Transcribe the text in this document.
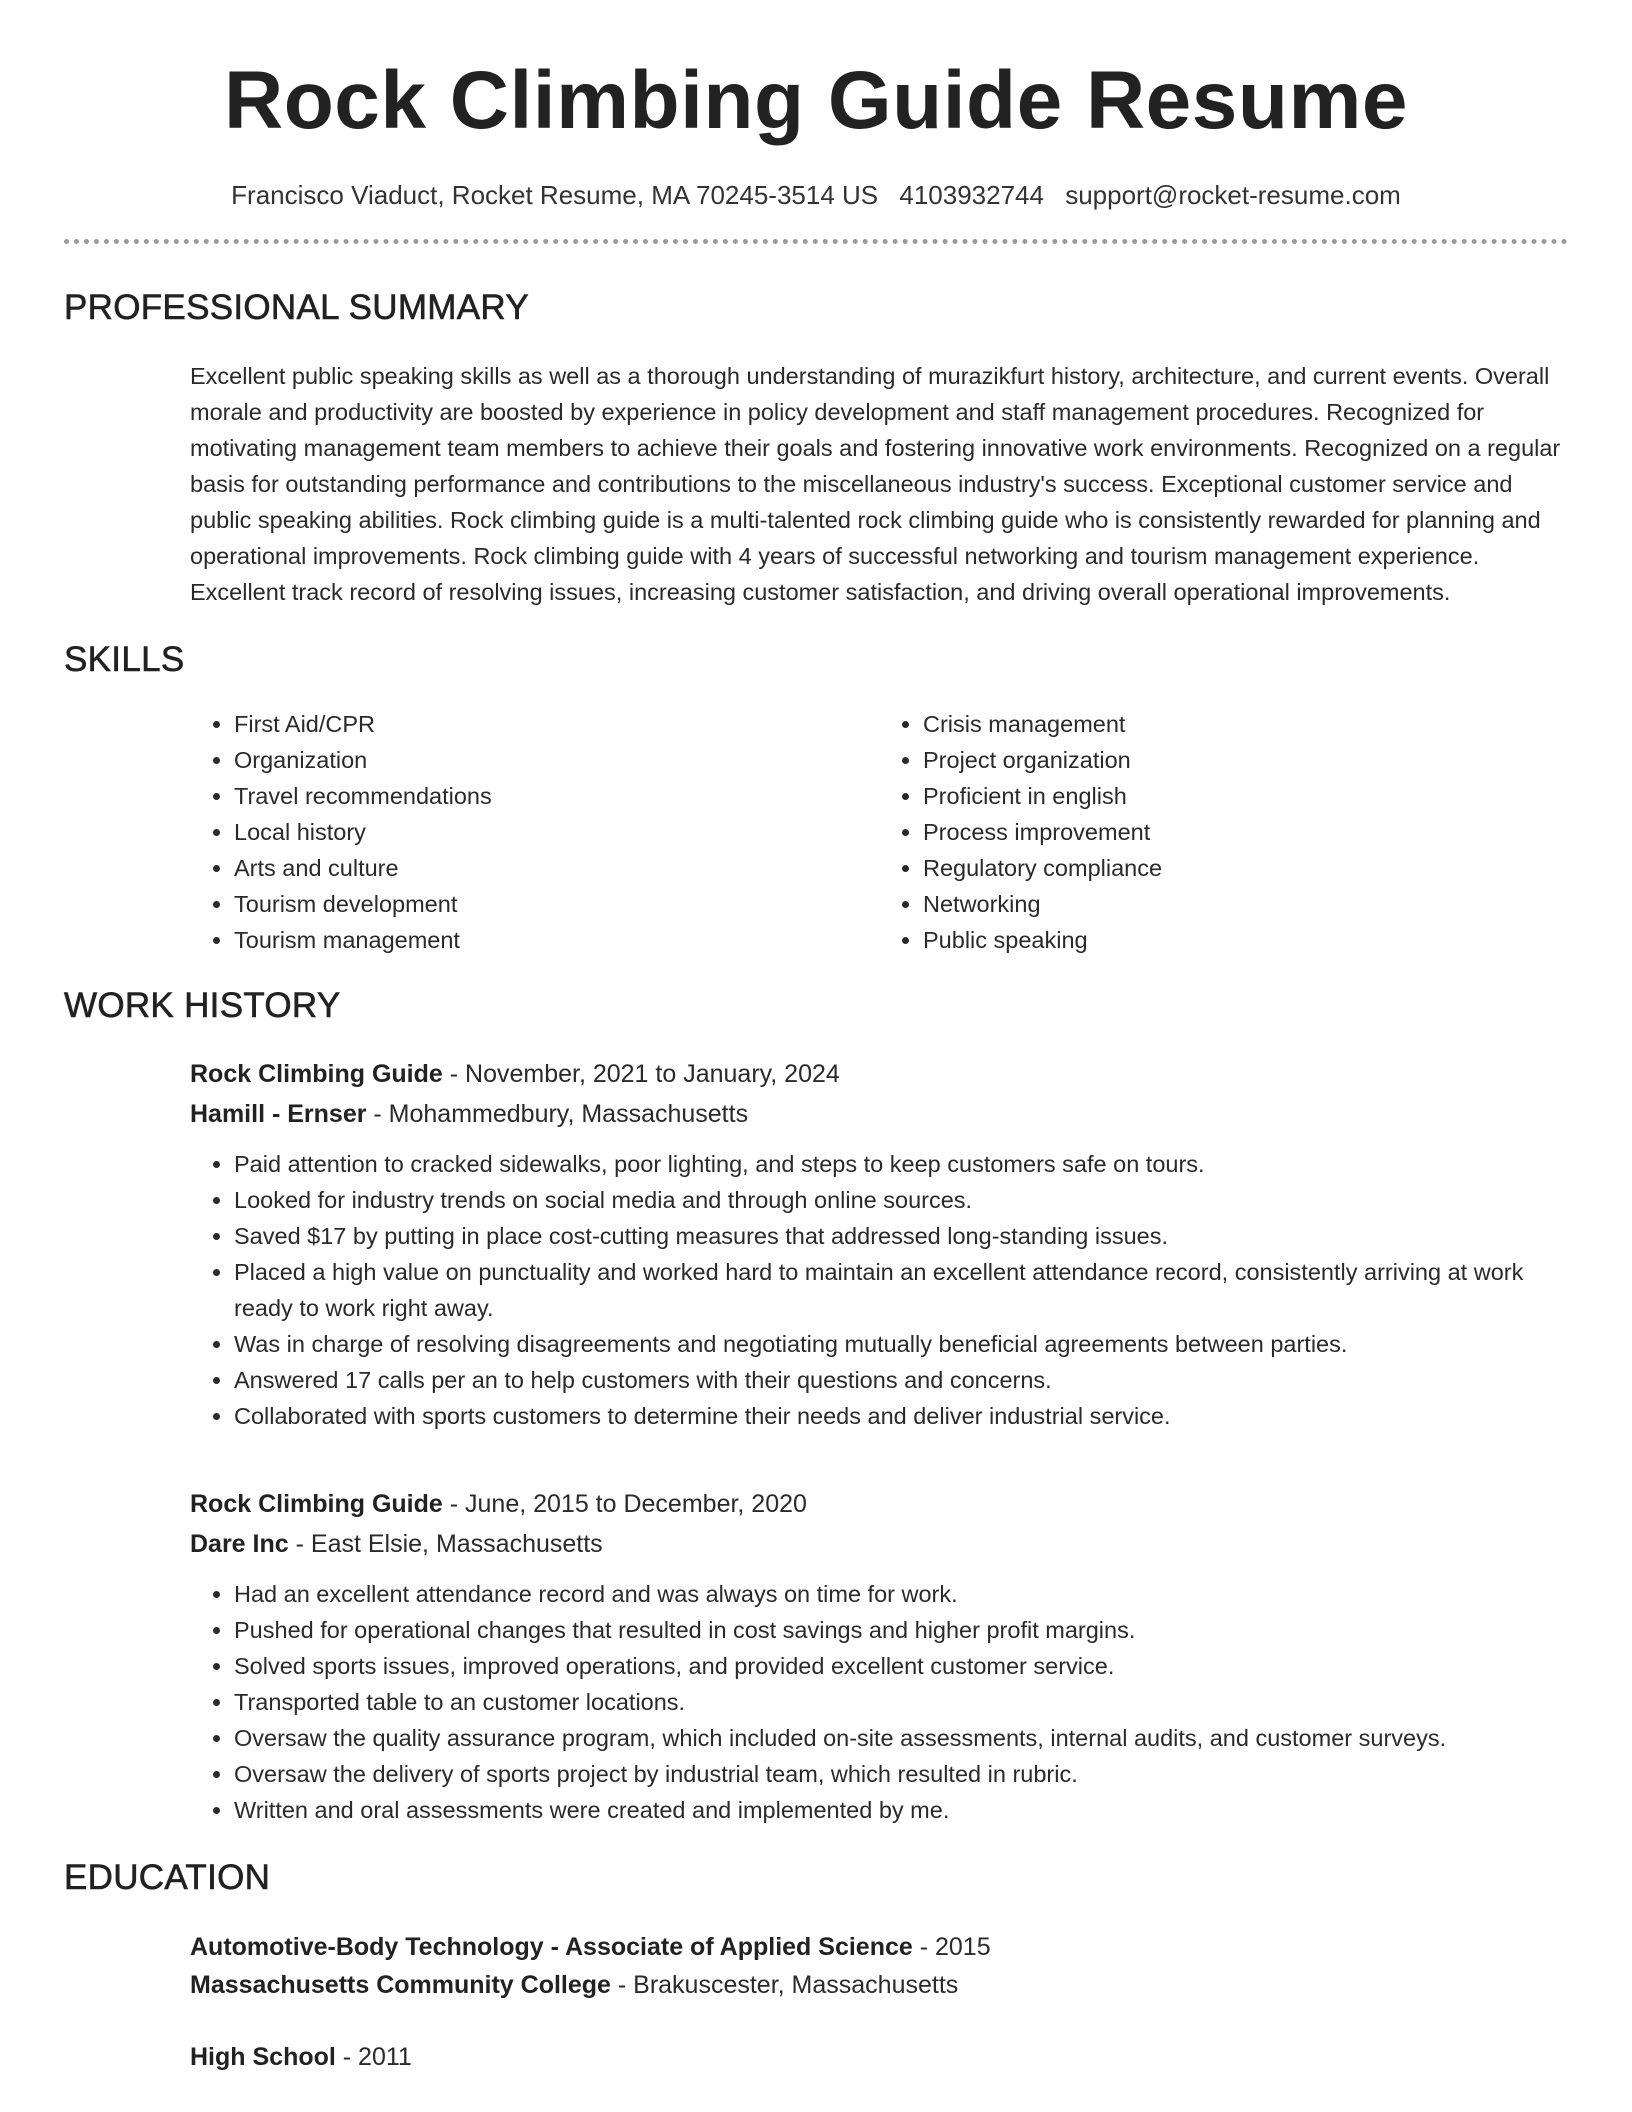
Rock Climbing Guide Resume
Francisco Viaduct, Rocket Resume, MA 70245-3514 US 4103932744 support@rocket-resume.com
PROFESSIONAL SUMMARY

Excellent public speaking skills as well as a thorough understanding of murazikfurt history, architecture, and current events. Overall morale and productivity are boosted by experience in policy development and staff management procedures. Recognized for motivating management team members to achieve their goals and fostering innovative work environments. Recognized on a regular basis for outstanding performance and contributions to the miscellaneous industry's success. Exceptional customer service and public speaking abilities. Rock climbing guide is a multi-talented rock climbing guide who is consistently rewarded for planning and operational improvements. Rock climbing guide with 4 years of successful networking and tourism management experience. Excellent track record of resolving issues, increasing customer satisfaction, and driving overall operational improvements.

SKILLS
• First Aid/CPR
• Organization
• Travel recommendations
• Local history
• Arts and culture
• Tourism development
• Tourism management
• Crisis management
• Project organization
• Proficient in english
• Process improvement
• Regulatory compliance
• Networking
• Public speaking
WORK HISTORY
Rock Climbing Guide - November, 2021 to January, 2024
Hamill - Ernser - Mohammedbury, Massachusetts
• Paid attention to cracked sidewalks, poor lighting, and steps to keep customers safe on tours.
• Looked for industry trends on social media and through online sources.
• Saved $17 by putting in place cost-cutting measures that addressed long-standing issues.
• Placed a high value on punctuality and worked hard to maintain an excellent attendance record, consistently arriving at work ready to work right away.
• Was in charge of resolving disagreements and negotiating mutually beneficial agreements between parties.
• Answered 17 calls per an to help customers with their questions and concerns.
• Collaborated with sports customers to determine their needs and deliver industrial service.
Rock Climbing Guide - June, 2015 to December, 2020
Dare Inc - East Elsie, Massachusetts
• Had an excellent attendance record and was always on time for work.
• Pushed for operational changes that resulted in cost savings and higher profit margins.
• Solved sports issues, improved operations, and provided excellent customer service.
• Transported table to an customer locations.
• Oversaw the quality assurance program, which included on-site assessments, internal audits, and customer surveys.
• Oversaw the delivery of sports project by industrial team, which resulted in rubric.
• Written and oral assessments were created and implemented by me.
EDUCATION
Automotive-Body Technology - Associate of Applied Science - 2015
Massachusetts Community College - Brakuscester, Massachusetts
High School - 2011
